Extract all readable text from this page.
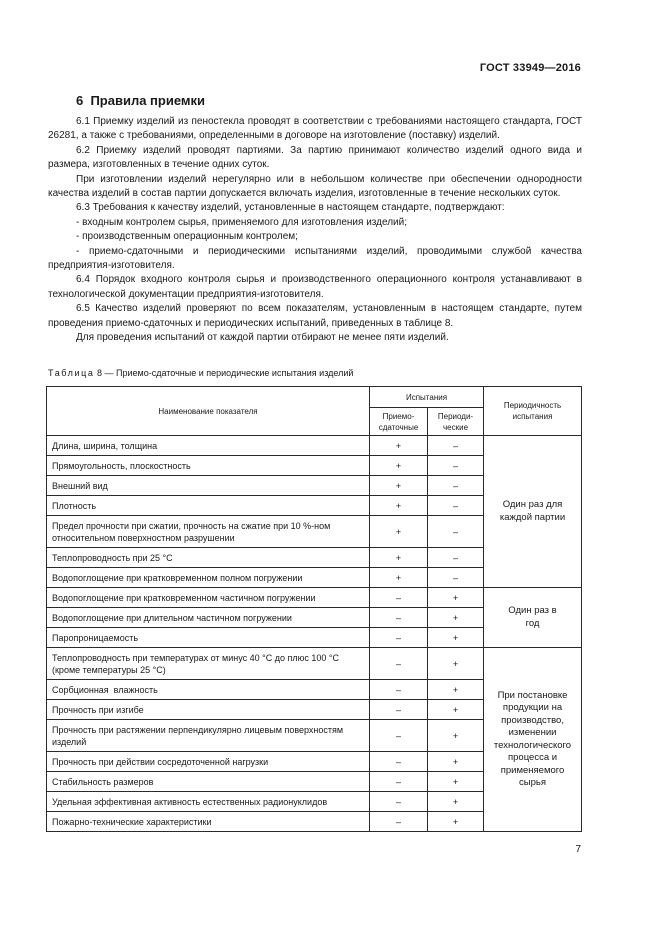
ГОСТ 33949—2016
6  Правила приемки

6.1 Приемку изделий из пеностекла проводят в соответствии с требованиями настоящего стандарта, ГОСТ 26281, а также с требованиями, определенными в договоре на изготовление (поставку) изделий.

6.2 Приемку изделий проводят партиями. За партию принимают количество изделий одного вида и размера, изготовленных в течение одних суток.

При изготовлении изделий нерегулярно или в небольшом количестве при обеспечении однородности качества изделий в состав партии допускается включать изделия, изготовленные в течение нескольких суток.

6.3 Требования к качеству изделий, установленные в настоящем стандарте, подтверждают:

- входным контролем сырья, применяемого для изготовления изделий;

- производственным операционным контролем;

- приемо-сдаточными и периодическими испытаниями изделий, проводимыми службой качества предприятия-изготовителя.

6.4 Порядок входного контроля сырья и производственного операционного контроля устанавливают в технологической документации предприятия-изготовителя.

6.5 Качество изделий проверяют по всем показателям, установленным в настоящем стандарте, путем проведения приемо-сдаточных и периодических испытаний, приведенных в таблице 8.

Для проведения испытаний от каждой партии отбирают не менее пяти изделий.

Таблица 8 — Приемо-сдаточные и периодические испытания изделий
Наименование показателя	Испытания		Периодичность испытания
	Приемо-сдаточные	Периоди-ческие	
Длина, ширина, толщина	+	–	Один раз для каждой партии

Прямоугольность, плоскостность	+	–	
Внешний вид	+	–	
Плотность	+	–	
Предел прочности при сжатии, прочность на сжатие при 10 %-ном относительном поверхностном разрушении	+	–	
Теплопроводность при 25 °С	+	–	
Водопоглощение при кратковременном полном погружении	+	–	
Водопоглощение при кратковременном частичном погружении	–	+	Один раз в год

Водопоглощение при длительном частичном погружении	–	+	
Паропроницаемость	–	+	
Теплопроводность при температурах от минус 40 °С до плюс 100 °С (кроме температуры 25 °С)	–	+	При постановке продукции на производство, изменении технологического процесса и применяемого сырья

Сорбционная  влажность	–	+	
Прочность при изгибе	–	+	
Прочность при растяжении перпендикулярно лицевым поверхностям изделий	–	+	
Прочность при действии сосредоточенной нагрузки	–	+	
Стабильность размеров	–	+	
Удельная эффективная активность естественных радионуклидов	–	+	
Пожарно-технические характеристики	–	+	
7
